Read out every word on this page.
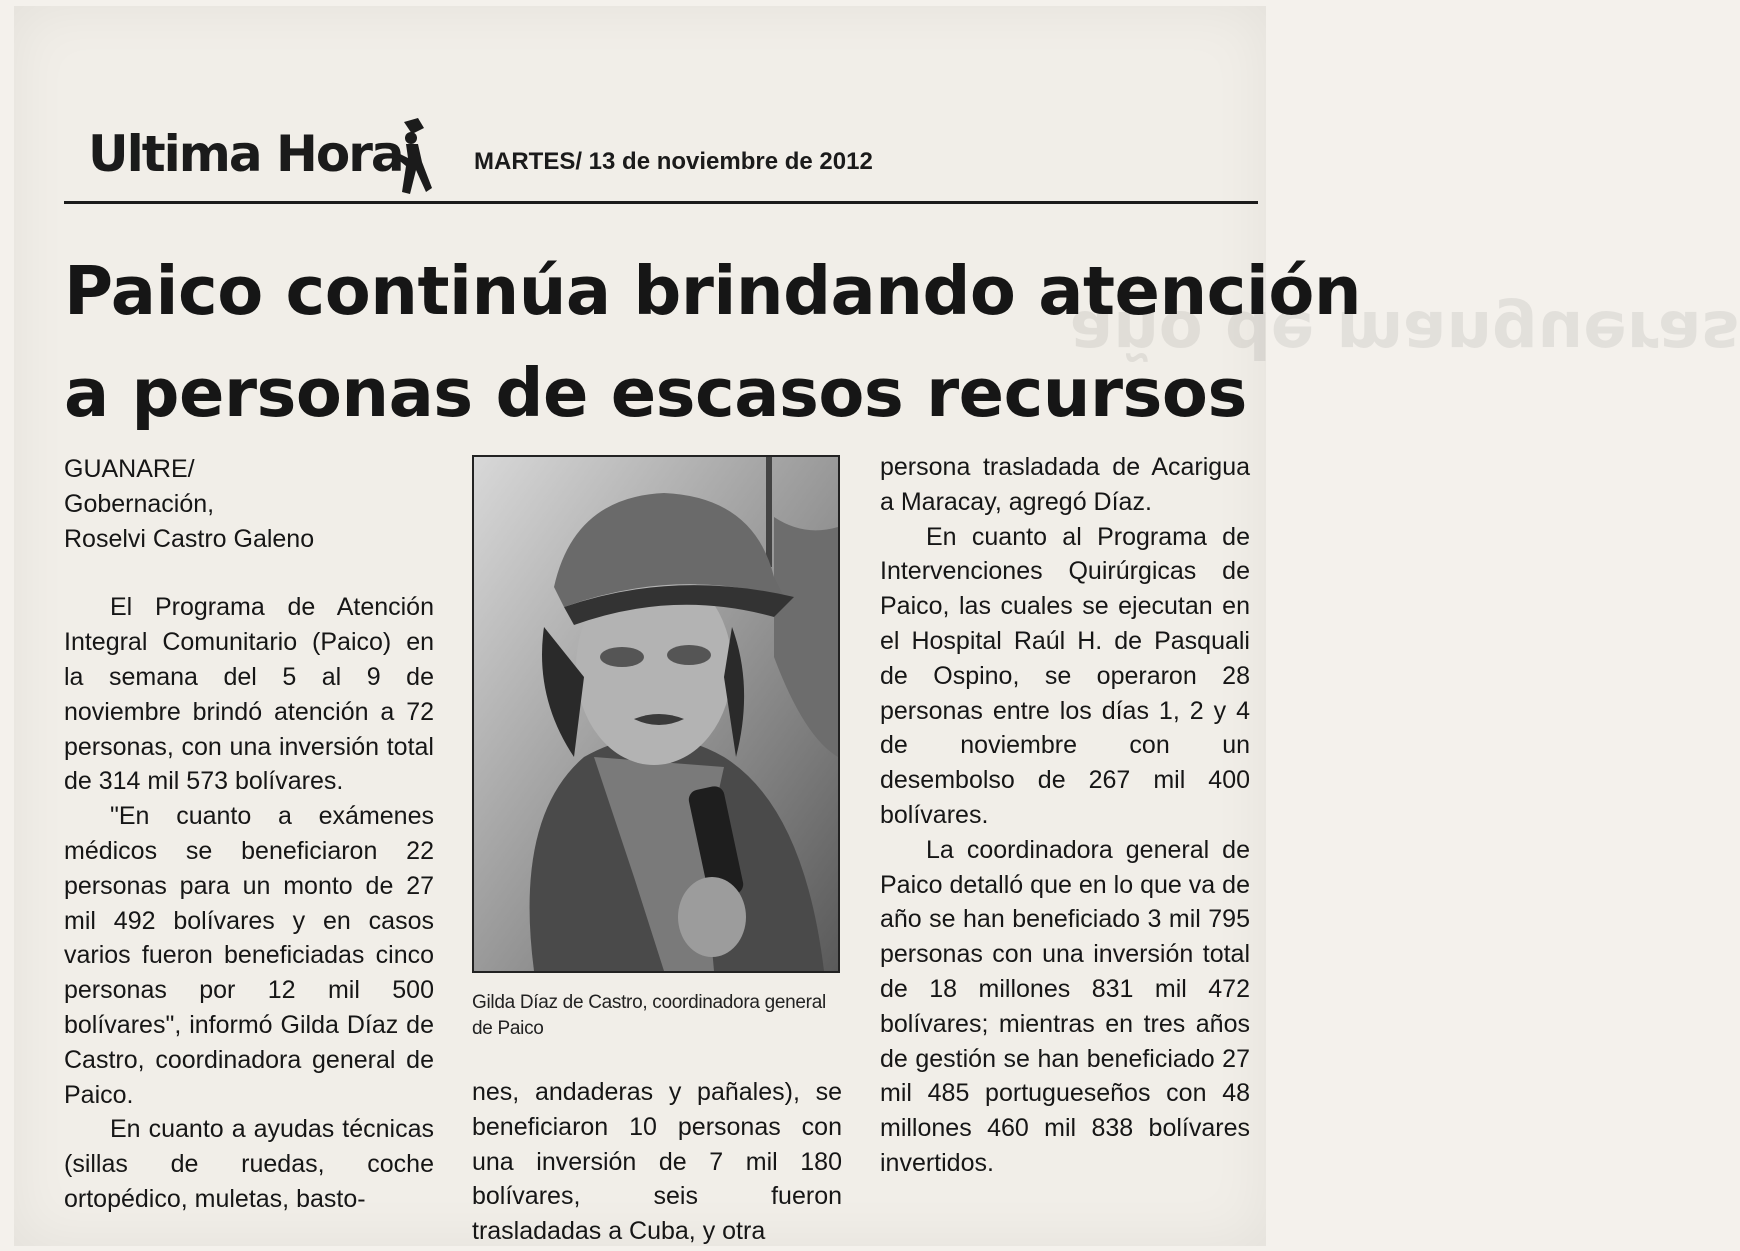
año de mangueras
Ultima Hora	MARTES/ 13 de noviembre de 2012
Paico continúa brindando atención
a personas de escasos recursos
GUANARE/
Gobernación,
Roselvi Castro Galeno

El Programa de Atención Integral Comunitario (Paico) en la semana del 5 al 9 de noviembre brindó atención a 72 personas, con una inversión total de 314 mil 573 bolívares.

"En cuanto a exámenes médicos se beneficiaron 22 personas para un monto de 27 mil 492 bolívares y en casos varios fueron beneficiadas cinco personas por 12 mil 500 bolívares", informó Gilda Díaz de Castro, coordinadora general de Paico.

En cuanto a ayudas técnicas (sillas de ruedas, coche ortopédico, muletas, basto-

Gilda Díaz de Castro, coordinadora general de Paico

nes, andaderas y pañales), se beneficiaron 10 personas con una inversión de 7 mil 180 bolívares, seis fueron trasladadas a Cuba, y otra

persona trasladada de Acarigua a Maracay, agregó Díaz.

En cuanto al Programa de Intervenciones Quirúrgicas de Paico, las cuales se ejecutan en el Hospital Raúl H. de Pasquali de Ospino, se operaron 28 personas entre los días 1, 2 y 4 de noviembre con un desembolso de 267 mil 400 bolívares.

La coordinadora general de Paico detalló que en lo que va de año se han beneficiado 3 mil 795 personas con una inversión total de 18 millones 831 mil 472 bolívares; mientras en tres años de gestión se han beneficiado 27 mil 485 portugueseños con 48 millones 460 mil 838 bolívares invertidos.
